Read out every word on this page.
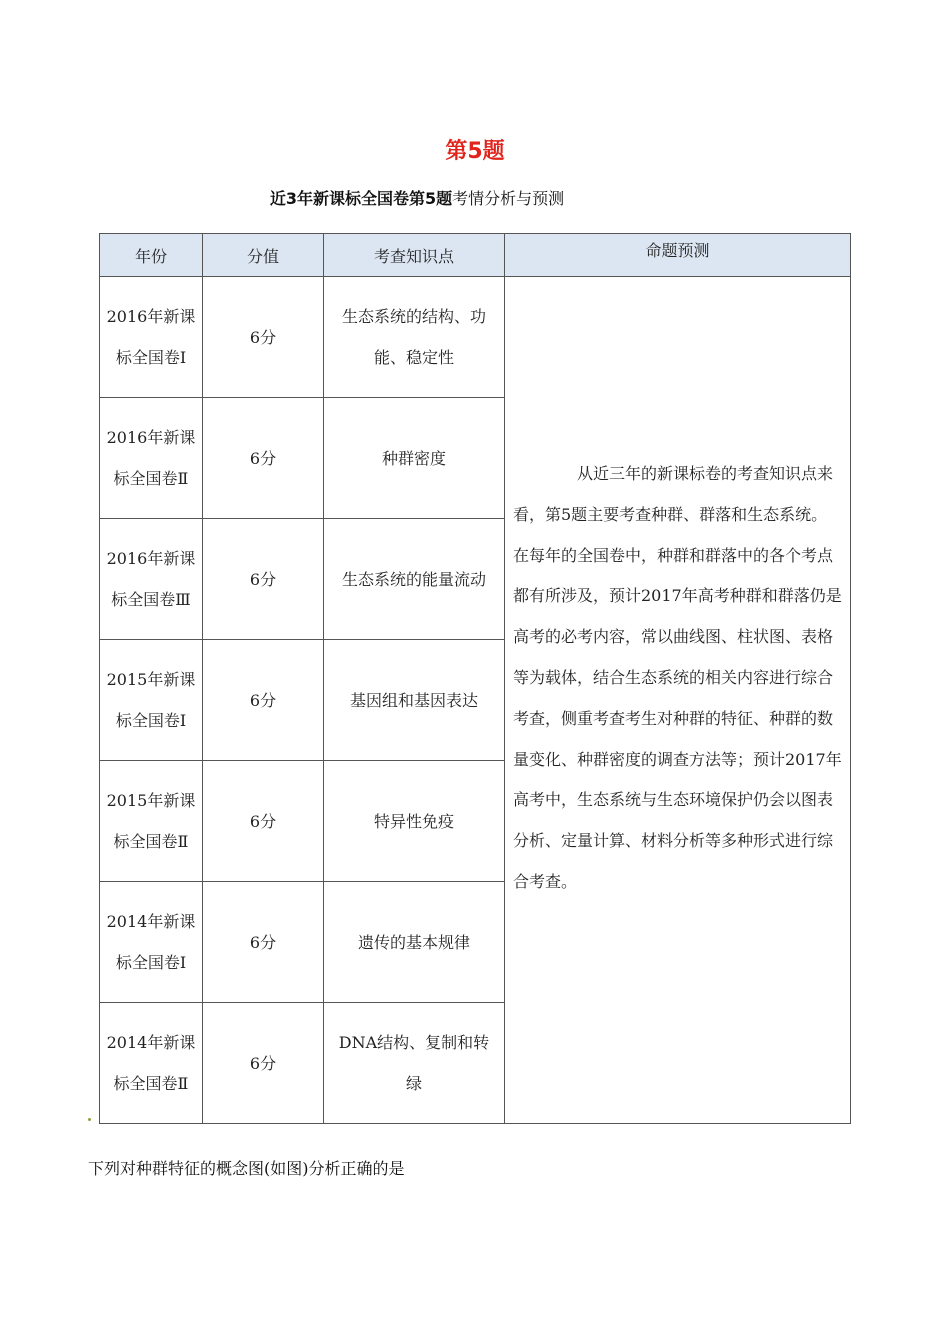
第5题
近3年新课标全国卷第5题考情分析与预测
年份	分值	考查知识点	命题预测
2016年新课标全国卷Ⅰ	6分	生态系统的结构、功能、稳定性	从近三年的新课标卷的考查知识点来看，第5题主要考查种群、群落和生态系统。在每年的全国卷中，种群和群落中的各个考点都有所涉及，预计2017年高考种群和群落仍是高考的必考内容，常以曲线图、柱状图、表格等为载体，结合生态系统的相关内容进行综合考查，侧重考查考生对种群的特征、种群的数量变化、种群密度的调查方法等；预计2017年高考中，生态系统与生态环境保护仍会以图表分析、定量计算、材料分析等多种形式进行综合考查。
2016年新课标全国卷Ⅱ	6分	种群密度	
2016年新课标全国卷Ⅲ	6分	生态系统的能量流动	
2015年新课标全国卷Ⅰ	6分	基因组和基因表达	
2015年新课标全国卷Ⅱ	6分	特异性免疫	
2014年新课标全国卷Ⅰ	6分	遗传的基本规律	
2014年新课标全国卷Ⅱ	6分	DNA结构、复制和转绿	
下列对种群特征的概念图(如图)分析正确的是
